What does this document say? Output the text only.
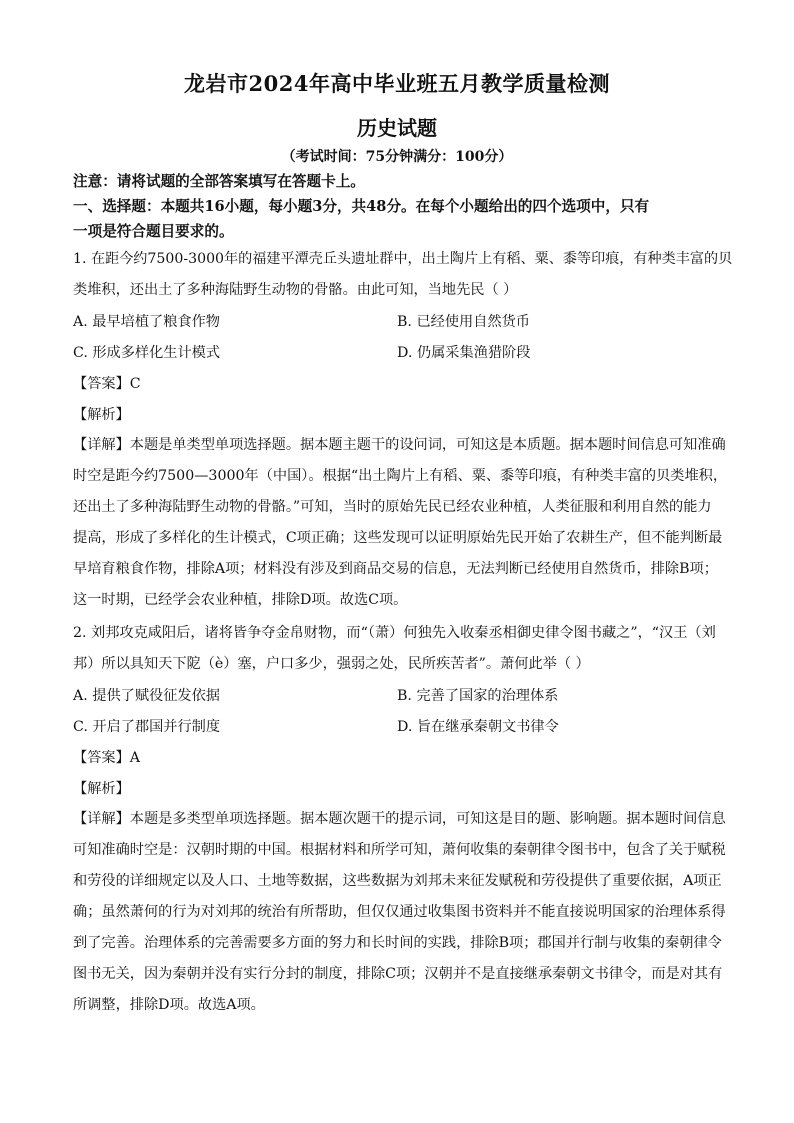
龙岩市2024年高中毕业班五月教学质量检测
历史试题
（考试时间：75分钟满分：100分）
注意：请将试题的全部答案填写在答题卡上。
一、选择题：本题共16小题，每小题3分，共48分。在每个小题给出的四个选项中，只有
一项是符合题目要求的。
1. 在距今约7500-3000年的福建平潭壳丘头遗址群中，出土陶片上有稻、粟、黍等印痕，有种类丰富的贝
类堆积，还出土了多种海陆野生动物的骨骼。由此可知，当地先民（ ）
A. 最早培植了粮食作物	B. 已经使用自然货币
C. 形成多样化生计模式	D. 仍属采集渔猎阶段
【答案】C
【解析】
【详解】本题是单类型单项选择题。据本题主题干的设问词，可知这是本质题。据本题时间信息可知准确
时空是距今约7500—3000年（中国）。根据“出土陶片上有稻、粟、黍等印痕，有种类丰富的贝类堆积，
还出土了多种海陆野生动物的骨骼。”可知，当时的原始先民已经农业种植，人类征服和利用自然的能力
提高，形成了多样化的生计模式，C项正确；这些发现可以证明原始先民开始了农耕生产，但不能判断最
早培育粮食作物，排除A项；材料没有涉及到商品交易的信息，无法判断已经使用自然货币，排除B项；
这一时期，已经学会农业种植，排除D项。故选C项。
2. 刘邦攻克咸阳后，诸将皆争夺金帛财物，而“（萧）何独先入收秦丞相御史律令图书藏之”，“汉王（刘
邦）所以具知天下阸（è）塞，户口多少，强弱之处，民所疾苦者”。萧何此举（ ）
A. 提供了赋役征发依据	B. 完善了国家的治理体系
C. 开启了郡国并行制度	D. 旨在继承秦朝文书律令
【答案】A
【解析】
【详解】本题是多类型单项选择题。据本题次题干的提示词，可知这是目的题、影响题。据本题时间信息
可知准确时空是：汉朝时期的中国。根据材料和所学可知，萧何收集的秦朝律令图书中，包含了关于赋税
和劳役的详细规定以及人口、土地等数据，这些数据为刘邦未来征发赋税和劳役提供了重要依据，A项正
确；虽然萧何的行为对刘邦的统治有所帮助，但仅仅通过收集图书资料并不能直接说明国家的治理体系得
到了完善。治理体系的完善需要多方面的努力和长时间的实践，排除B项；郡国并行制与收集的秦朝律令
图书无关，因为秦朝并没有实行分封的制度，排除C项；汉朝并不是直接继承秦朝文书律令，而是对其有
所调整，排除D项。故选A项。
